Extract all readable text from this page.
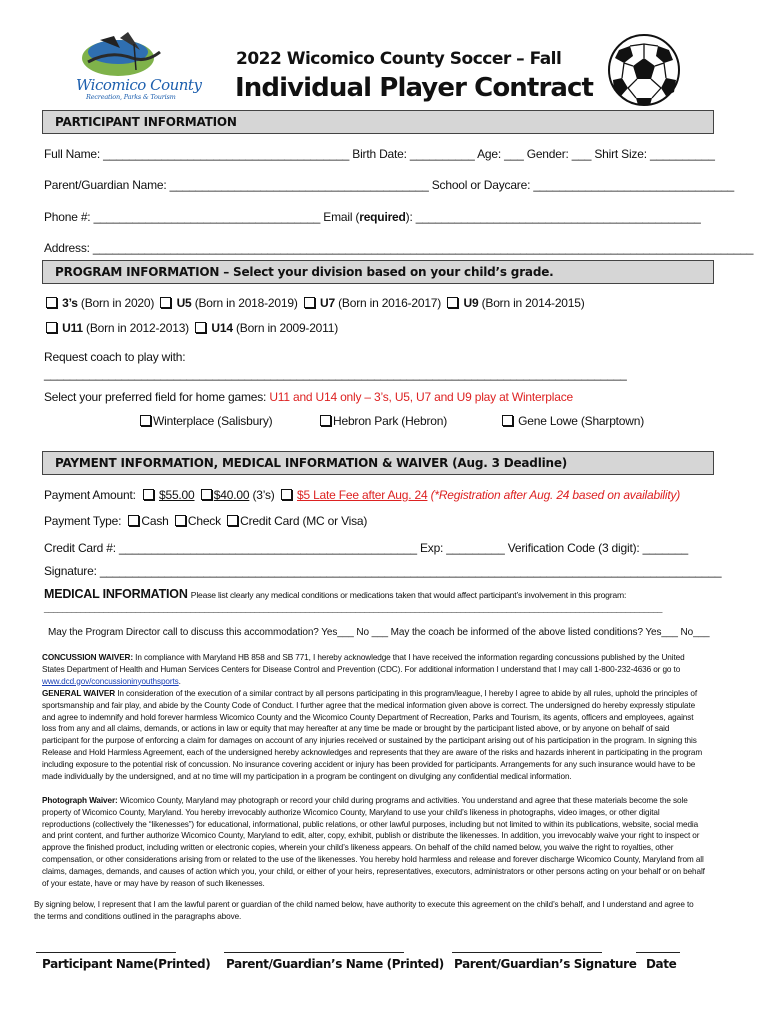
Wicomico County
Recreation, Parks & Tourism
2022 Wicomico County Soccer – Fall
Individual Player Contract
PARTICIPANT INFORMATION
Full Name: ______________________________________ Birth Date: __________ Age: ___ Gender: ___ Shirt Size: __________
Parent/Guardian Name: ________________________________________ School or Daycare: _______________________________
Phone #: ___________________________________ Email (required): ____________________________________________
Address: ______________________________________________________________________________________________________
PROGRAM INFORMATION – Select your division based on your child’s grade.
3’s (Born in 2020) U5 (Born in 2018-2019) U7 (Born in 2016-2017) U9 (Born in 2014-2015)
U11 (Born in 2012-2013) U14 (Born in 2009-2011)
Request coach to play with:
__________________________________________________________________________________________
Select your preferred field for home games: U11 and U14 only – 3’s, U5, U7 and U9 play at Winterplace
Winterplace (Salisbury)	Hebron Park (Hebron)	Gene Lowe (Sharptown)
PAYMENT INFORMATION, MEDICAL INFORMATION & WAIVER (Aug. 3 Deadline)
Payment Amount: $55.00 $40.00 (3’s) $5 Late Fee after Aug. 24 (*Registration after Aug. 24 based on availability)
Payment Type: Cash Check Credit Card (MC or Visa)
Credit Card #: ______________________________________________ Exp: _________ Verification Code (3 digit): _______
Signature: ________________________________________________________________________________________________
MEDICAL INFORMATION Please list clearly any medical conditions or medications taken that would affect participant’s involvement in this program:
_______________________________________________________________________________________________________________________________________
May the Program Director call to discuss this accommodation? Yes___ No ___ May the coach be informed of the above listed conditions? Yes___ No___

CONCUSSION WAIVER: In compliance with Maryland HB 858 and SB 771, I hereby acknowledge that I have received the information regarding concussions published by the United States Department of Health and Human Services Centers for Disease Control and Prevention (CDC). For additional information I understand that I may call 1-800-232-4636 or go to www.dcd.gov/concussioninyouthsports.

GENERAL WAIVER In consideration of the execution of a similar contract by all persons participating in this program/league, I hereby I agree to abide by all rules, uphold the principles of sportsmanship and fair play, and abide by the County Code of Conduct. I further agree that the medical information given above is correct. The undersigned do hereby expressly stipulate and agree to indemnify and hold forever harmless Wicomico County and the Wicomico County Department of Recreation, Parks and Tourism, its agents, officers and employees, against loss from any and all claims, demands, or actions in law or equity that may hereafter at any time be made or brought by the participant listed above, or by anyone on behalf of said participant for the purpose of enforcing a claim for damages on account of any injuries received or sustained by the participant arising out of his participation in the program. In signing this Release and Hold Harmless Agreement, each of the undersigned hereby acknowledges and represents that they are aware of the risks and hazards inherent in participating in the program including exposure to the potential risk of concussion. No insurance covering accident or injury has been provided for participants. Arrangements for any such insurance would have to be made individually by the undersigned, and at no time will my participation in a program be contingent on divulging any confidential medical information.

Photograph Waiver: Wicomico County, Maryland may photograph or record your child during programs and activities. You understand and agree that these materials become the sole property of Wicomico County, Maryland. You hereby irrevocably authorize Wicomico County, Maryland to use your child’s likeness in photographs, video images, or other digital reproductions (collectively the “likenesses”) for educational, informational, public relations, or other lawful purposes, including but not limited to within its publications, website, social media and print content, and further authorize Wicomico County, Maryland to edit, alter, copy, exhibit, publish or distribute the likenesses. In addition, you irrevocably waive your right to inspect or approve the finished product, including written or electronic copies, wherein your child’s likeness appears. On behalf of the child named below, you waive the right to royalties, other compensation, or other considerations arising from or related to the use of the likenesses. You hereby hold harmless and release and forever discharge Wicomico County, Maryland from all claims, damages, demands, and causes of action which you, your child, or either of your heirs, representatives, executors, administrators or other persons acting on your behalf or on behalf of your estate, have or may have by reason of such likenesses.

By signing below, I represent that I am the lawful parent or guardian of the child named below, have authority to execute this agreement on the child’s behalf, and I understand and agree to the terms and conditions outlined in the paragraphs above.
Participant Name(Printed) Parent/Guardian’s Name (Printed) Parent/Guardian’s Signature Date
